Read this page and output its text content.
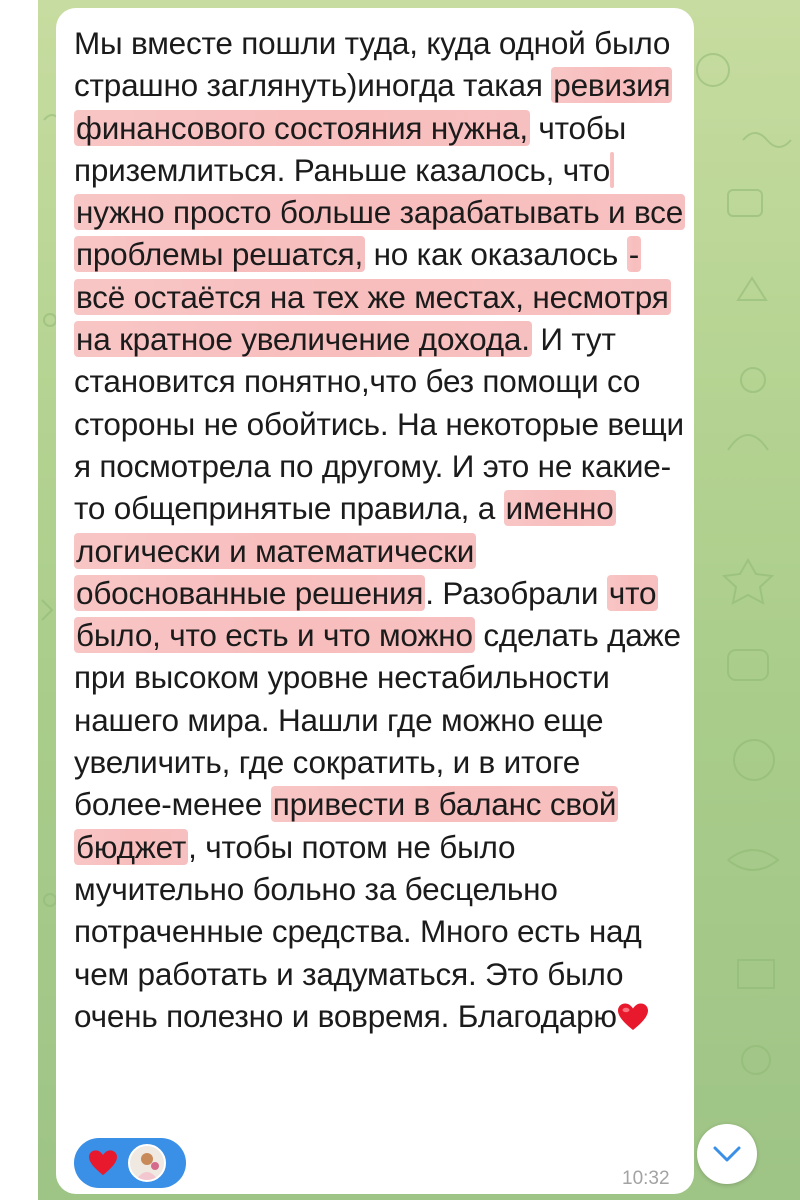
Мы вместе пошли туда, куда одной было страшно заглянуть)иногда такая ревизия финансового состояния нужна, чтобы приземлиться. Раньше казалось, что нужно просто больше зарабатывать и все проблемы решатся, но как оказалось - всё остаётся на тех же местах, несмотря на кратное увеличение дохода. И тут становится понятно,что без помощи со стороны не обойтись. На некоторые вещи я посмотрела по другому. И это не какие-то общепринятые правила, а именно логически и математически обоснованные решения. Разобрали что было, что есть и что можно сделать даже при высоком уровне нестабильности нашего мира. Нашли где можно еще увеличить, где сократить, и в итоге более-менее привести в баланс свой бюджет, чтобы потом не было мучительно больно за бесцельно потраченные средства. Много есть над чем работать и задуматься. Это было очень полезно и вовремя. Благодарю

10:32
